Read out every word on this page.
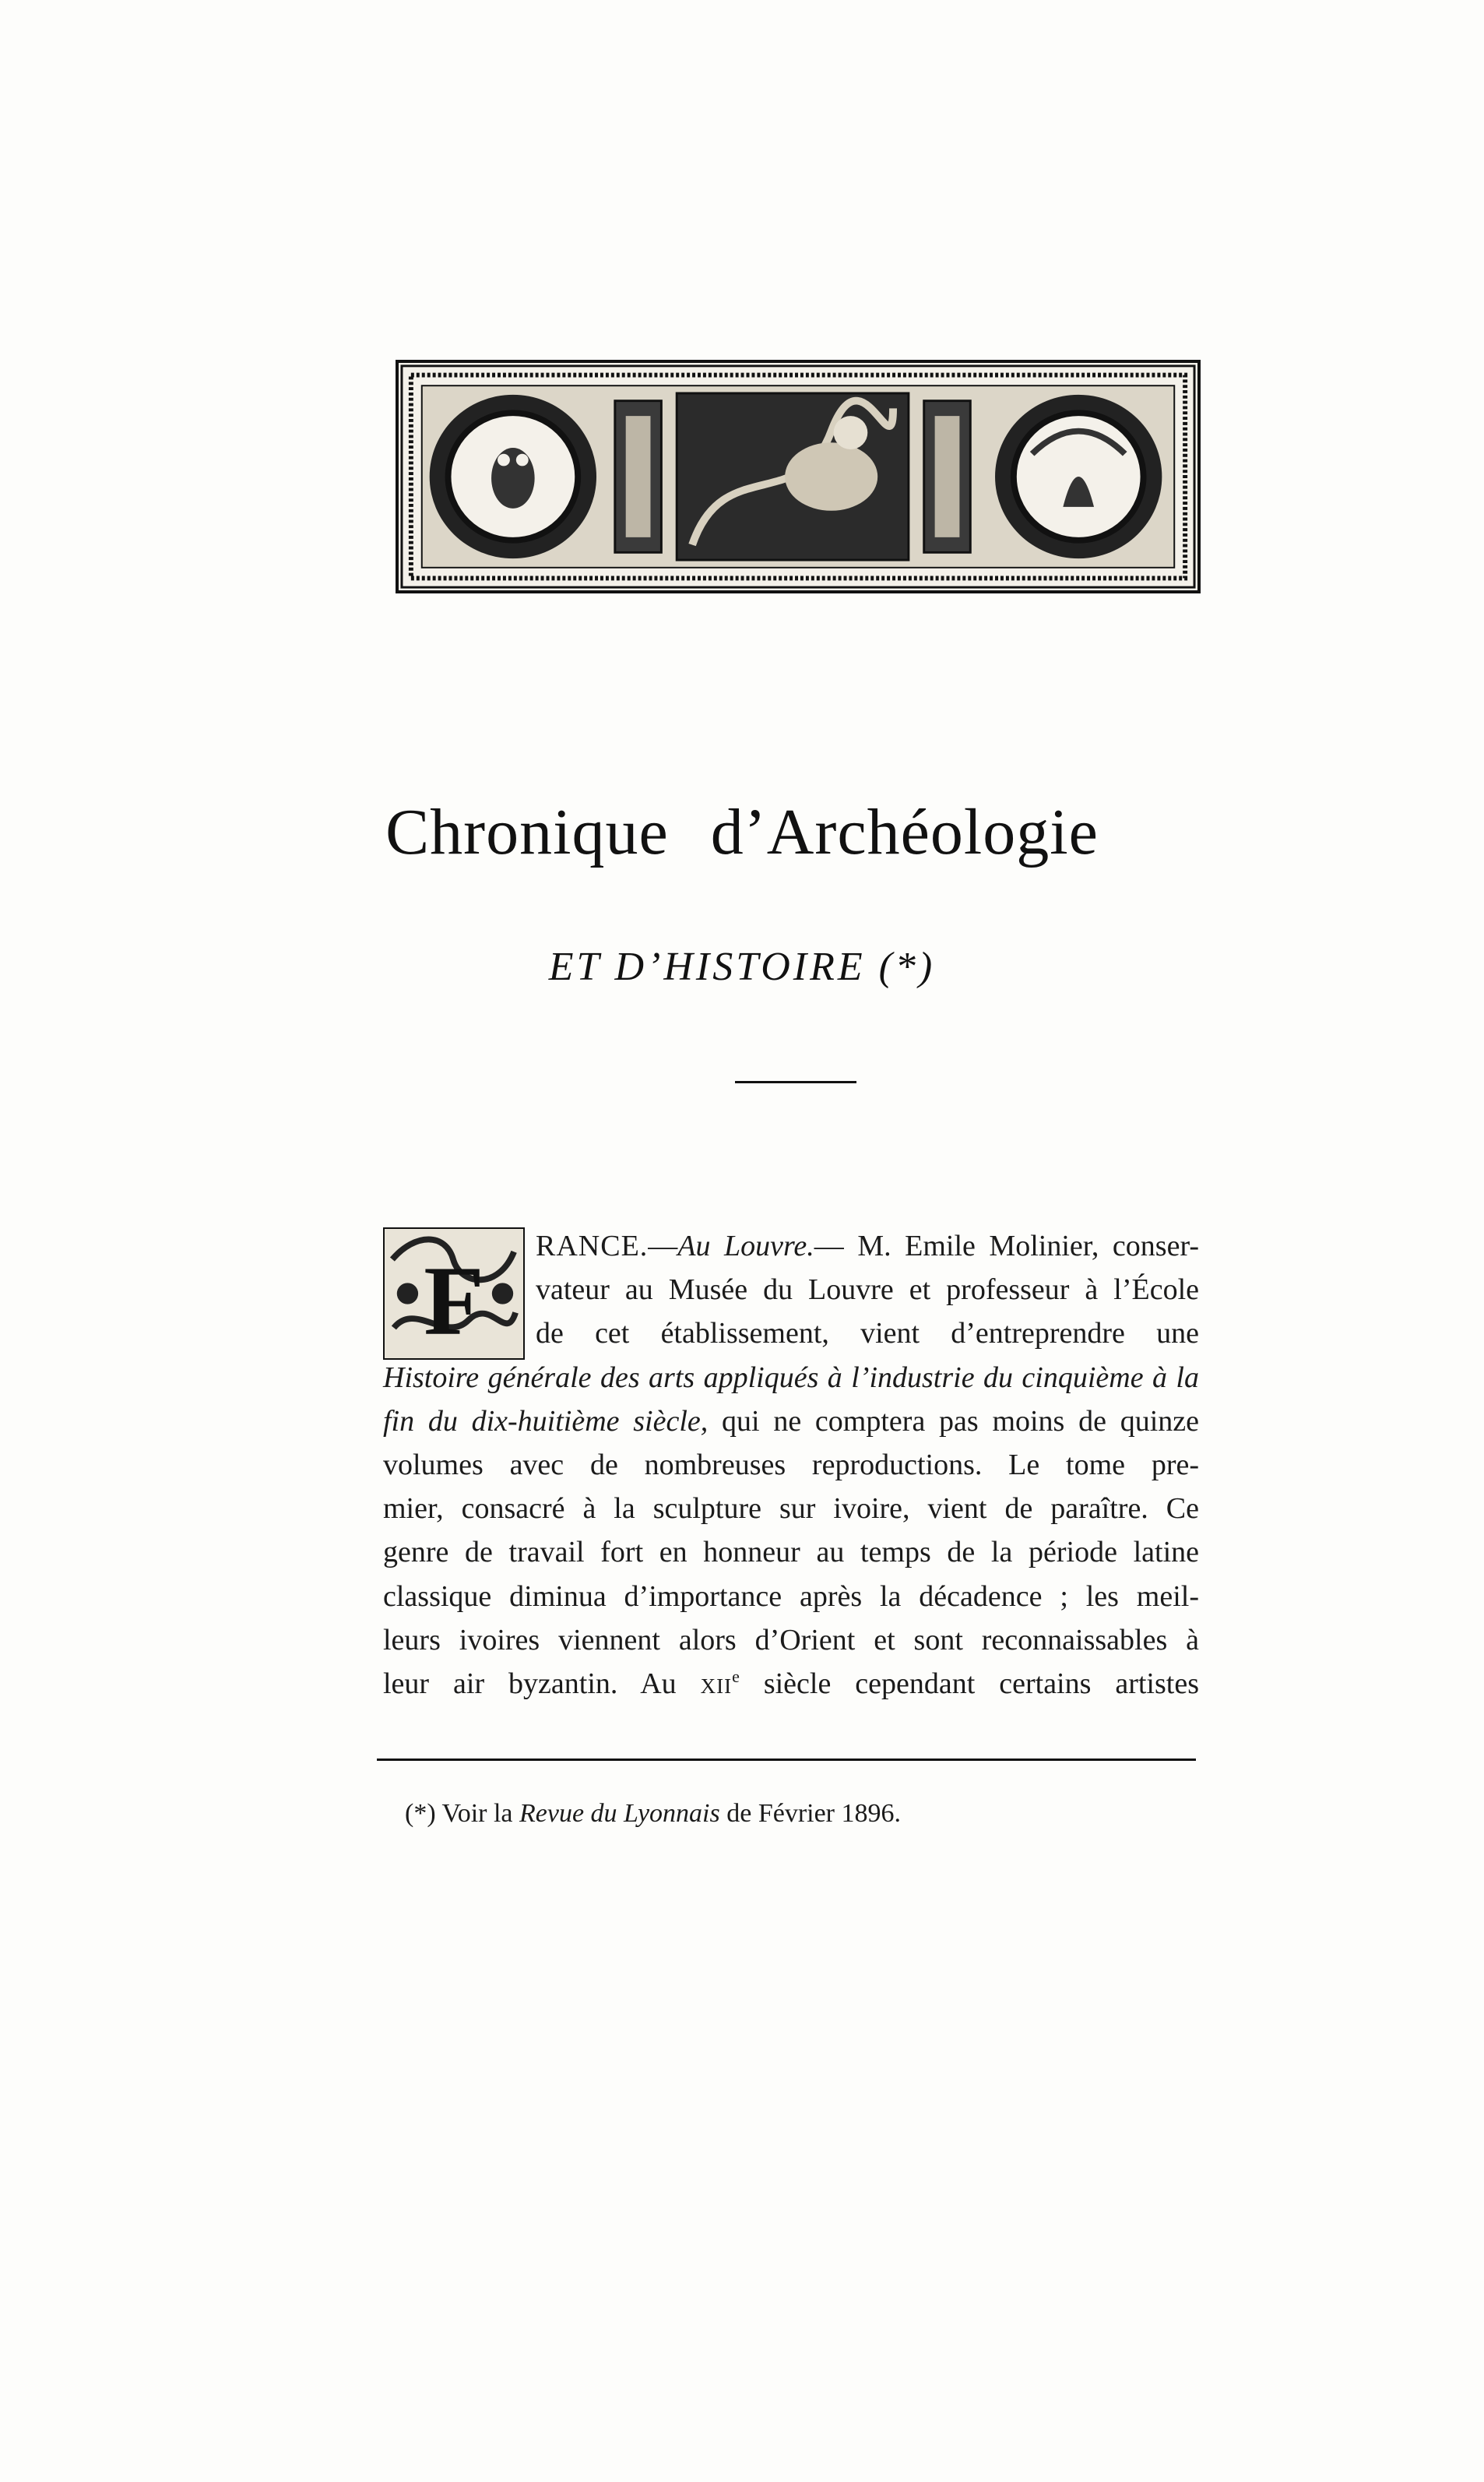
Chronique d’Archéologie
ET D’HISTOIRE (*)
F
RANCE.—Au Louvre.— M. Emile Molinier, conser-
vateur au Musée du Louvre et professeur à l’École
de cet établissement, vient d’entreprendre une
Histoire générale des arts appliqués à l’industrie du cinquième à la
fin du dix-huitième siècle, qui ne comptera pas moins de quinze
volumes avec de nombreuses reproductions. Le tome pre-
mier, consacré à la sculpture sur ivoire, vient de paraître. Ce
genre de travail fort en honneur au temps de la période latine
classique diminua d’importance après la décadence ; les meil-
leurs ivoires viennent alors d’Orient et sont reconnaissables à
leur air byzantin. Au xii$^e$ siècle cependant certains artistes
(*) Voir la Revue du Lyonnais de Février 1896.
